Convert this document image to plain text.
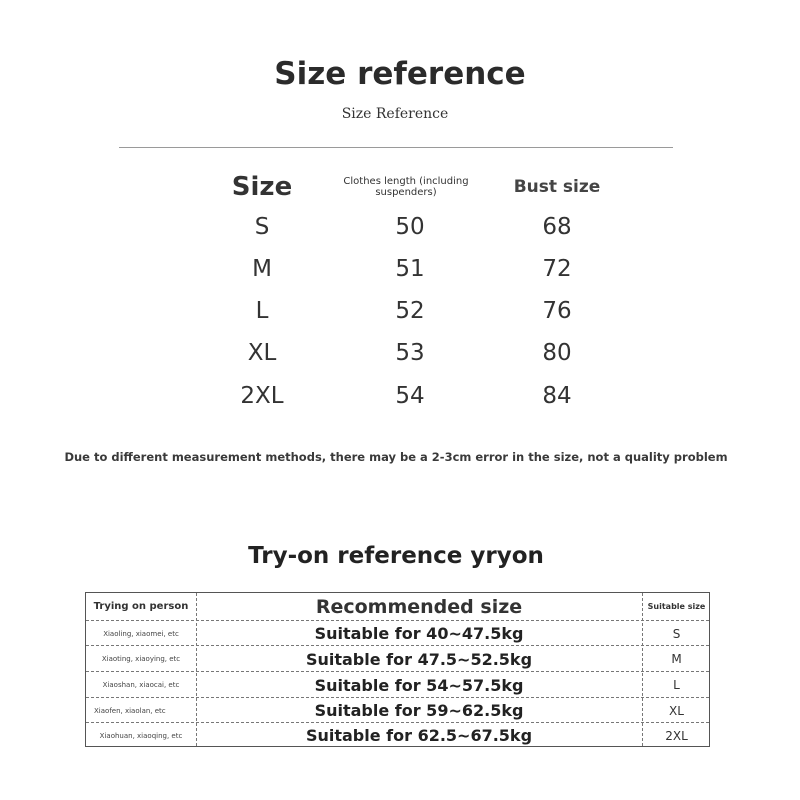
Size reference
Size Reference
Size	Clothes length (including suspenders)	Bust size
S	50	68
M	51	72
L	52	76
XL	53	80
2XL	54	84
Due to different measurement methods, there may be a 2-3cm error in the size, not a quality problem
Try-on reference yryon
Trying on person	Recommended size	Suitable size
Xiaoling, xiaomei, etc	Suitable for 40~47.5kg	S
Xiaoting, xiaoying, etc	Suitable for 47.5~52.5kg	M
Xiaoshan, xiaocai, etc	Suitable for 54~57.5kg	L
Xiaofen, xiaolan, etc	Suitable for 59~62.5kg	XL
Xiaohuan, xiaoqing, etc	Suitable for 62.5~67.5kg	2XL
